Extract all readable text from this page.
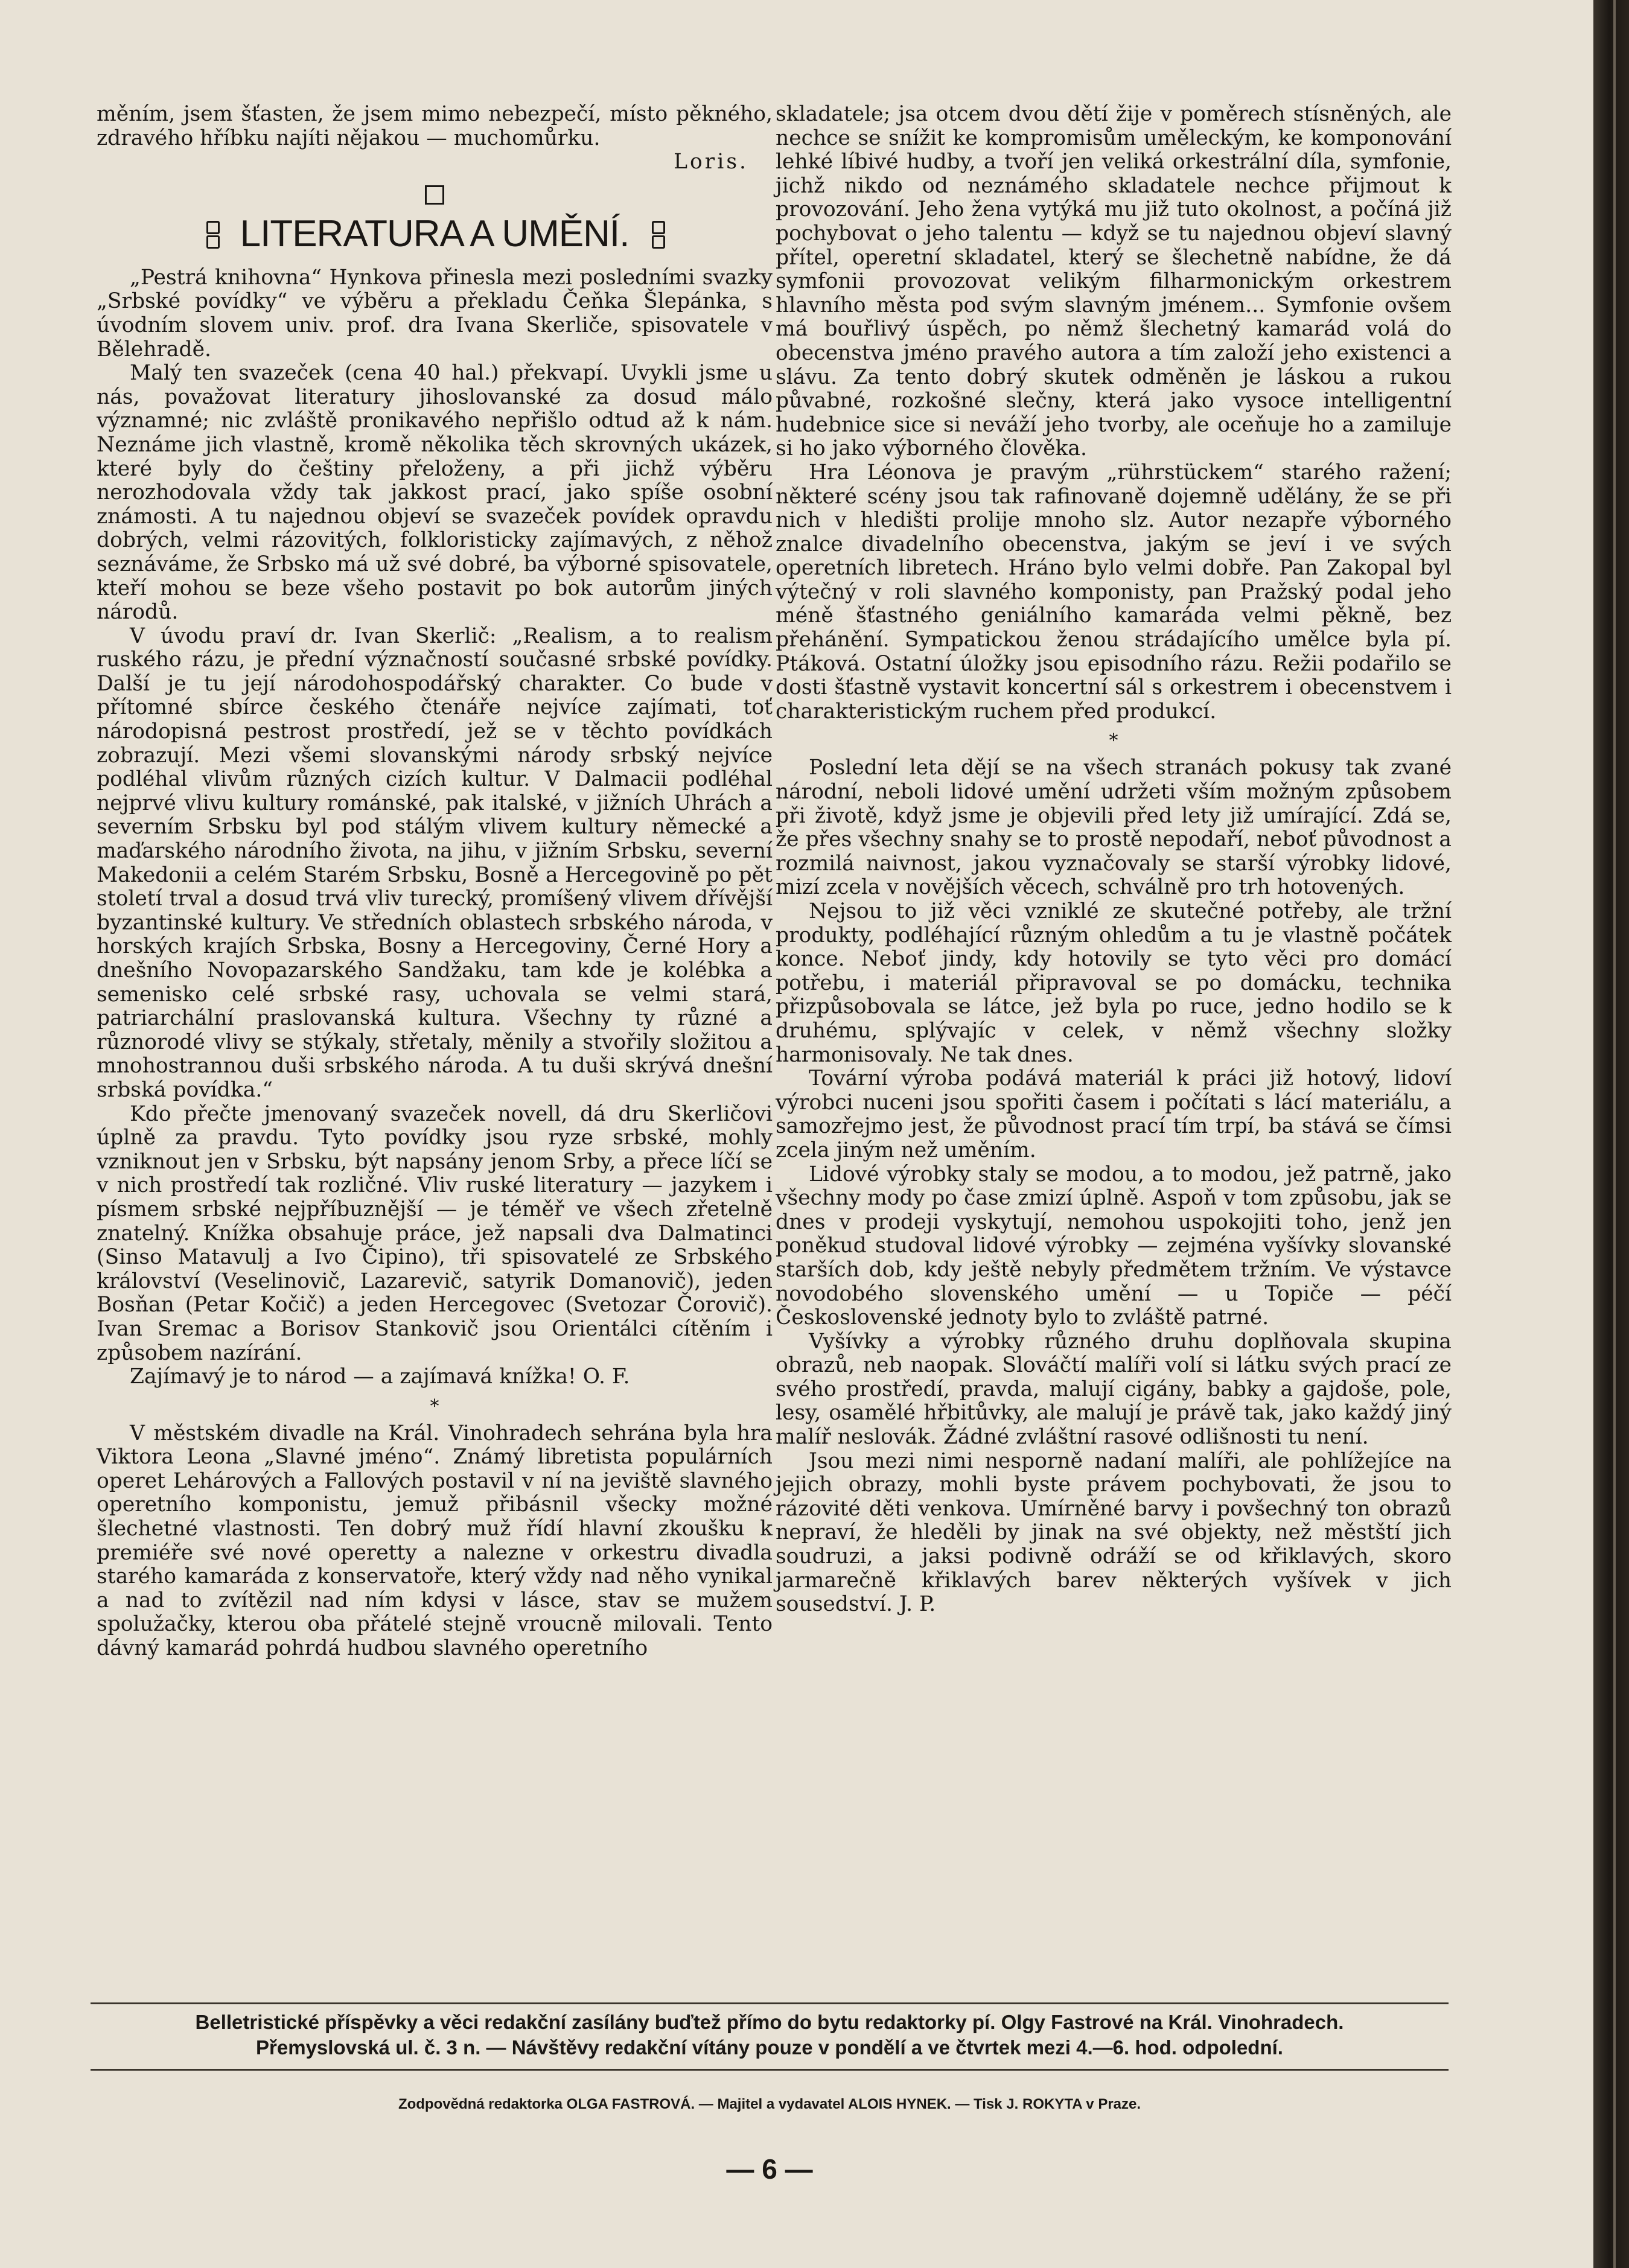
měním, jsem šťasten, že jsem mimo nebezpečí, místo pěkného, zdravého hříbku najíti nějakou — muchomůrku.

Loris.

LITERATURA A UMĚNÍ.

„Pestrá knihovna“ Hynkova přinesla mezi posledními svazky „Srbské povídky“ ve výběru a překladu Čeňka Šlepánka, s úvodním slovem univ. prof. dra Ivana Skerliče, spisovatele v Bělehradě.

Malý ten svazeček (cena 40 hal.) překvapí. Uvykli jsme u nás, považovat literatury jihoslovanské za dosud málo významné; nic zvláště pronikavého nepřišlo odtud až k nám. Neznáme jich vlastně, kromě několika těch skrovných ukázek, které byly do češtiny přeloženy, a při jichž výběru nerozhodovala vždy tak jakkost prací, jako spíše osobní známosti. A tu najednou objeví se svazeček povídek opravdu dobrých, velmi rázovitých, folkloristicky zajímavých, z něhož seznáváme, že Srbsko má už své dobré, ba výborné spisovatele, kteří mohou se beze všeho postavit po bok autorům jiných národů.

V úvodu praví dr. Ivan Skerlič: „Realism, a to realism ruského rázu, je přední význačností současné srbské povídky. Další je tu její národohospodářský charakter. Co bude v přítomné sbírce českého čtenáře nejvíce zajímati, toť národopisná pestrost prostředí, jež se v těchto povídkách zobrazují. Mezi všemi slovanskými národy srbský nejvíce podléhal vlivům různých cizích kultur. V Dalmacii podléhal nejprvé vlivu kultury románské, pak italské, v jižních Uhrách a severním Srbsku byl pod stálým vlivem kultury německé a maďarského národního života, na jihu, v jižním Srbsku, severní Makedonii a celém Starém Srbsku, Bosně a Hercegovině po pět století trval a dosud trvá vliv turecký, promíšený vlivem dřívější byzantinské kultury. Ve středních oblastech srbského národa, v horských krajích Srbska, Bosny a Hercegoviny, Černé Hory a dnešního Novopazarského Sandžaku, tam kde je kolébka a semenisko celé srbské rasy, uchovala se velmi stará, patriarchální praslovanská kultura. Všechny ty různé a různorodé vlivy se stýkaly, střetaly, měnily a stvořily složitou a mnohostrannou duši srbského národa. A tu duši skrývá dnešní srbská povídka.“

Kdo přečte jmenovaný svazeček novell, dá dru Skerličovi úplně za pravdu. Tyto povídky jsou ryze srbské, mohly vzniknout jen v Srbsku, být napsány jenom Srby, a přece líčí se v nich prostředí tak rozličné. Vliv ruské literatury — jazykem i písmem srbské nejpříbuznější — je téměř ve všech zřetelně znatelný. Knížka obsahuje práce, jež napsali dva Dalmatinci (Sinso Matavulj a Ivo Čipino), tři spisovatelé ze Srbského království (Veselinovič, Lazarevič, satyrik Domanovič), jeden Bosňan (Petar Kočič) a jeden Hercegovec (Svetozar Čorovič). Ivan Sremac a Borisov Stankovič jsou Orientálci cítěním i způsobem nazírání.

Zajímavý je to národ — a zajímavá knížka! O. F.

*

V městském divadle na Král. Vinohradech sehrána byla hra Viktora Leona „Slavné jméno“. Známý libretista populárních operet Lehárových a Fallových postavil v ní na jeviště slavného operetního komponistu, jemuž přibásnil všecky možné šlechetné vlastnosti. Ten dobrý muž řídí hlavní zkoušku k premiéře své nové operetty a nalezne v orkestru divadla starého kamaráda z konservatoře, který vždy nad něho vynikal a nad to zvítězil nad ním kdysi v lásce, stav se mužem spolužačky, kterou oba přátelé stejně vroucně milovali. Tento dávný kamarád pohrdá hudbou slavného operetního

skladatele; jsa otcem dvou dětí žije v poměrech stísněných, ale nechce se snížit ke kompromisům uměleckým, ke komponování lehké líbivé hudby, a tvoří jen veliká orkestrální díla, symfonie, jichž nikdo od neznámého skladatele nechce přijmout k provozování. Jeho žena vytýká mu již tuto okolnost, a počíná již pochybovat o jeho talentu — když se tu najednou objeví slavný přítel, operetní skladatel, který se šlechetně nabídne, že dá symfonii provozovat velikým filharmonickým orkestrem hlavního města pod svým slavným jménem... Symfonie ovšem má bouřlivý úspěch, po němž šlechetný kamarád volá do obecenstva jméno pravého autora a tím založí jeho existenci a slávu. Za tento dobrý skutek odměněn je láskou a rukou půvabné, rozkošné slečny, která jako vysoce intelligentní hudebnice sice si neváží jeho tvorby, ale oceňuje ho a zamiluje si ho jako výborného člověka.

Hra Léonova je pravým „rührstückem“ starého ražení; některé scény jsou tak rafinovaně dojemně udělány, že se při nich v hledišti prolije mnoho slz. Autor nezapře výborného znalce divadelního obecenstva, jakým se jeví i ve svých operetních libretech. Hráno bylo velmi dobře. Pan Zakopal byl výtečný v roli slavného komponisty, pan Pražský podal jeho méně šťastného geniálního kamaráda velmi pěkně, bez přehánění. Sympatickou ženou strádajícího umělce byla pí. Ptáková. Ostatní úložky jsou episodního rázu. Režii podařilo se dosti šťastně vystavit koncertní sál s orkestrem i obecenstvem i charakteristickým ruchem před produkcí.

*

Poslední leta dějí se na všech stranách pokusy tak zvané národní, neboli lidové umění udržeti vším možným způsobem při životě, když jsme je objevili před lety již umírající. Zdá se, že přes všechny snahy se to prostě nepodaří, neboť původnost a rozmilá naivnost, jakou vyznačovaly se starší výrobky lidové, mizí zcela v novějších věcech, schválně pro trh hotovených.

Nejsou to již věci vzniklé ze skutečné potřeby, ale tržní produkty, podléhající různým ohledům a tu je vlastně počátek konce. Neboť jindy, kdy hotovily se tyto věci pro domácí potřebu, i materiál připravoval se po domácku, technika přizpůsobovala se látce, jež byla po ruce, jedno hodilo se k druhému, splývajíc v celek, v němž všechny složky harmonisovaly. Ne tak dnes.

Tovární výroba podává materiál k práci již hotový, lidoví výrobci nuceni jsou spořiti časem i počítati s lácí materiálu, a samozřejmo jest, že původnost prací tím trpí, ba stává se čímsi zcela jiným než uměním.

Lidové výrobky staly se modou, a to modou, jež patrně, jako všechny mody po čase zmizí úplně. Aspoň v tom způsobu, jak se dnes v prodeji vyskytují, nemohou uspokojiti toho, jenž jen poněkud studoval lidové výrobky — zejména vyšívky slovanské starších dob, kdy ještě nebyly předmětem tržním. Ve výstavce novodobého slovenského umění — u Topiče — péčí Československé jednoty bylo to zvláště patrné.

Vyšívky a výrobky různého druhu doplňovala skupina obrazů, neb naopak. Slováčtí malíři volí si látku svých prací ze svého prostředí, pravda, malují cigány, babky a gajdoše, pole, lesy, osamělé hřbitůvky, ale malují je právě tak, jako každý jiný malíř neslovák. Žádné zvláštní rasové odlišnosti tu není.

Jsou mezi nimi nesporně nadaní malíři, ale pohlížejíce na jejich obrazy, mohli byste právem pochybovati, že jsou to rázovité děti venkova. Umírněné barvy i povšechný ton obrazů nepraví, že hleděli by jinak na své objekty, než městští jich soudruzi, a jaksi podivně odráží se od křiklavých, skoro jarmarečně křiklavých barev některých vyšívek v jich sousedství. J. P.

Belletristické příspěvky a věci redakční zasílány buďtež přímo do bytu redaktorky pí. Olgy Fastrové na Král. Vinohradech.
Přemyslovská ul. č. 3 n. — Návštěvy redakční vítány pouze v pondělí a ve čtvrtek mezi 4.—6. hod. odpolední.
Zodpovědná redaktorka OLGA FASTROVÁ. — Majitel a vydavatel ALOIS HYNEK. — Tisk J. ROKYTA v Praze.
— 6 —
